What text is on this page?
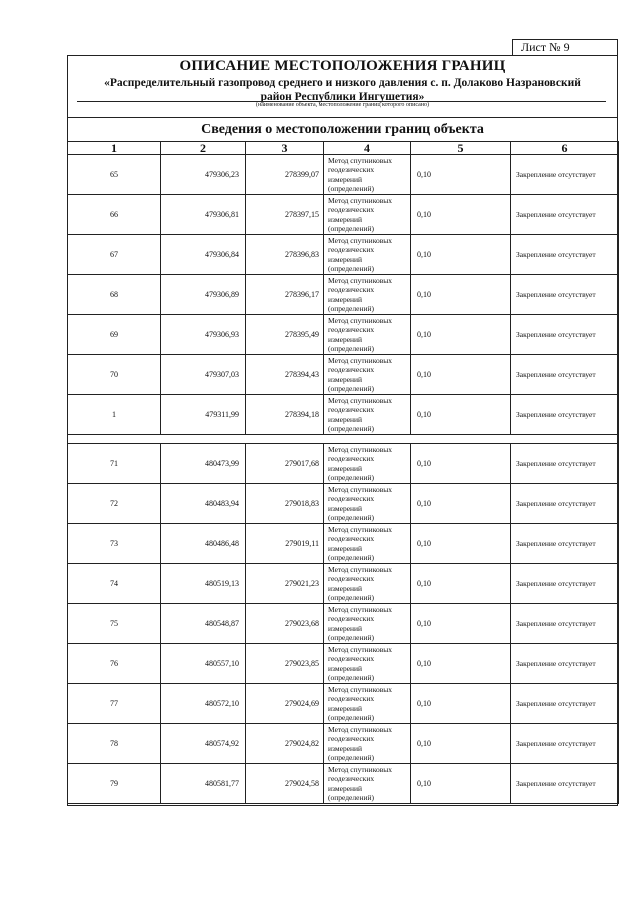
Лист № 9
ОПИСАНИЕ МЕСТОПОЛОЖЕНИЯ ГРАНИЦ
«Распределительный газопровод среднего и низкого давления с. п. Долаково Назрановский
район Республики Ингушетия»
(наименование объекта, местоположение границ которого описано)
Сведения о местоположении границ объекта
1	2	3	4	5	6
65	479306,23	278399,07	Метод спутниковых
геодезических
измерений
(определений)	0,10	Закрепление отсутствует
66	479306,81	278397,15	Метод спутниковых
геодезических
измерений
(определений)	0,10	Закрепление отсутствует
67	479306,84	278396,83	Метод спутниковых
геодезических
измерений
(определений)	0,10	Закрепление отсутствует
68	479306,89	278396,17	Метод спутниковых
геодезических
измерений
(определений)	0,10	Закрепление отсутствует
69	479306,93	278395,49	Метод спутниковых
геодезических
измерений
(определений)	0,10	Закрепление отсутствует
70	479307,03	278394,43	Метод спутниковых
геодезических
измерений
(определений)	0,10	Закрепление отсутствует
1	479311,99	278394,18	Метод спутниковых
геодезических
измерений
(определений)	0,10	Закрепление отсутствует

71	480473,99	279017,68	Метод спутниковых
геодезических
измерений
(определений)	0,10	Закрепление отсутствует
72	480483,94	279018,83	Метод спутниковых
геодезических
измерений
(определений)	0,10	Закрепление отсутствует
73	480486,48	279019,11	Метод спутниковых
геодезических
измерений
(определений)	0,10	Закрепление отсутствует
74	480519,13	279021,23	Метод спутниковых
геодезических
измерений
(определений)	0,10	Закрепление отсутствует
75	480548,87	279023,68	Метод спутниковых
геодезических
измерений
(определений)	0,10	Закрепление отсутствует
76	480557,10	279023,85	Метод спутниковых
геодезических
измерений
(определений)	0,10	Закрепление отсутствует
77	480572,10	279024,69	Метод спутниковых
геодезических
измерений
(определений)	0,10	Закрепление отсутствует
78	480574,92	279024,82	Метод спутниковых
геодезических
измерений
(определений)	0,10	Закрепление отсутствует
79	480581,77	279024,58	Метод спутниковых
геодезических
измерений
(определений)	0,10	Закрепление отсутствует
